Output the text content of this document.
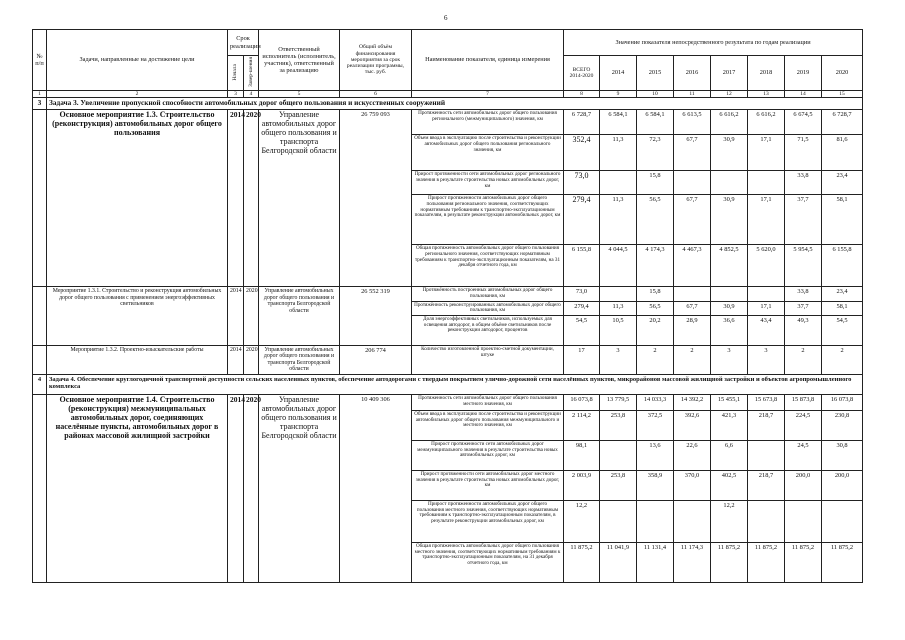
6
№ п/п	Задачи, направленные на достижение цели	Срок реализации		Ответственный исполнитель (исполнитель, участник), ответственный за реализацию	Общий объём финансирования мероприятия за срок реализации программы, тыс. руб.	Наименование показателя, единица измерения	Значение показателя непосредственного результата по годам реализации							
		Начала	Завер-шения				ВСЕГО 2014-2020	2014	2015	2016	2017	2018	2019	2020
1	2	3	4	5	6	7	8	9	10	11	12	13	14	15
3	Задача 3. Увеличение пропускной способности автомобильных дорог общего пользования и искусственных сооружений													
	Основное мероприятие 1.3. Строительство (реконструкция) автомобильных дорог общего пользования	2014	2020	Управление автомобильных дорог общего пользования и транспорта Белгородской области	26 759 093	Протяженность сети автомобильных дорог общего пользования регионального (межмуниципального) значения, км	6 728,7	6 584,1	6 584,1	6 613,5	6 616,2	6 616,2	6 674,5	6 728,7
						Объем ввода в эксплуатацию после строительства и реконструкции автомобильных дорог общего пользования регионального значения, км	352,4	11,3	72,3	67,7	30,9	17,1	71,5	81,6
						Прирост протяженности сети автомобильных дорог регионального значения в результате строительства новых автомобильных дорог, км	73,0		15,8				33,8	23,4
						Прирост протяженности автомобильных дорог общего пользования регионального значения, соответствующих нормативным требованиям к транспортно-эксплуатационным показателям, в результате реконструкции автомобильных дорог, км	279,4	11,3	56,5	67,7	30,9	17,1	37,7	58,1
						Общая протяженность автомобильных дорог общего пользования регионального значения, соответствующих нормативным требованиям к транспортно-эксплуатационным показателям, на 31 декабря отчетного года, км	6 155,8	4 044,5	4 174,3	4 467,3	4 852,5	5 620,0	5 954,5	6 155,8
	Мероприятие 1.3.1. Строительство и реконструкция автомобильных дорог общего пользования с применением энергоэффективных светильников	2014	2020	Управление автомобильных дорог общего пользования и транспорта Белгородской области	26 552 319	Протяжённость построенных автомобильных дорог общего пользования, км	73,0		15,8				33,8	23,4
						Протяжённость реконструированных автомобильных дорог общего пользования, км	279,4	11,3	56,5	67,7	30,9	17,1	37,7	58,1
						Доля энергоэффективных светильников, используемых для освещения автодорог, в общем объёме светильников после реконструкции автодорог, процентов	54,5	10,5	20,2	28,9	36,6	43,4	49,3	54,5
	Мероприятие 1.3.2. Проектно-изыскательские работы	2014	2020	Управление автомобильных дорог общего пользования и транспорта Белгородской области	206 774	Количество изготовленной проектно-сметной документации, штуке	17	3	2	2	3	3	2	2
4	Задача 4. Обеспечение круглогодичной транспортной доступности сельских населенных пунктов, обеспечение автодорогами с твердым покрытием улично-дорожной сети населённых пунктов, микрорайонов массовой жилищной застройки и объектов агропромышленного комплекса													
	Основное мероприятие 1.4. Строительство (реконструкция) межмуниципальных автомобильных дорог, соединяющих населённые пункты, автомобильных дорог в районах массовой жилищной застройки	2014	2020	Управление автомобильных дорог общего пользования и транспорта Белгородской области	10 409 306	Протяженность сети автомобильных дорог общего пользования местного значения, км	16 073,8	13 779,5	14 033,3	14 392,2	15 455,1	15 673,8	15 873,8	16 073,8
						Объем ввода в эксплуатацию после строительства и реконструкции автомобильных дорог общего пользования межмуниципального и местного значения, км	2 114,2	253,8	372,5	392,6	421,3	218,7	224,5	230,8
						Прирост протяженности сети автомобильных дорог межмуниципального значения в результате строительства новых автомобильных дорог, км	98,1		13,6	22,6	6,6		24,5	30,8
						Прирост протяженности сети автомобильных дорог местного значения в результате строительства новых автомобильных дорог, км	2 003,9	253,8	358,9	370,0	402,5	218,7	200,0	200,0
						Прирост протяженности автомобильных дорог общего пользования местного значения, соответствующих нормативным требованиям к транспортно-эксплуатационным показателям, в результате реконструкции автомобильных дорог, км	12,2				12,2			
						Общая протяженность автомобильных дорог общего пользования местного значения, соответствующих нормативным требованиям к транспортно-эксплуатационным показателям, на 31 декабря отчетного года, км	11 875,2	11 041,9	11 131,4	11 174,3	11 875,2	11 875,2	11 875,2	11 875,2
